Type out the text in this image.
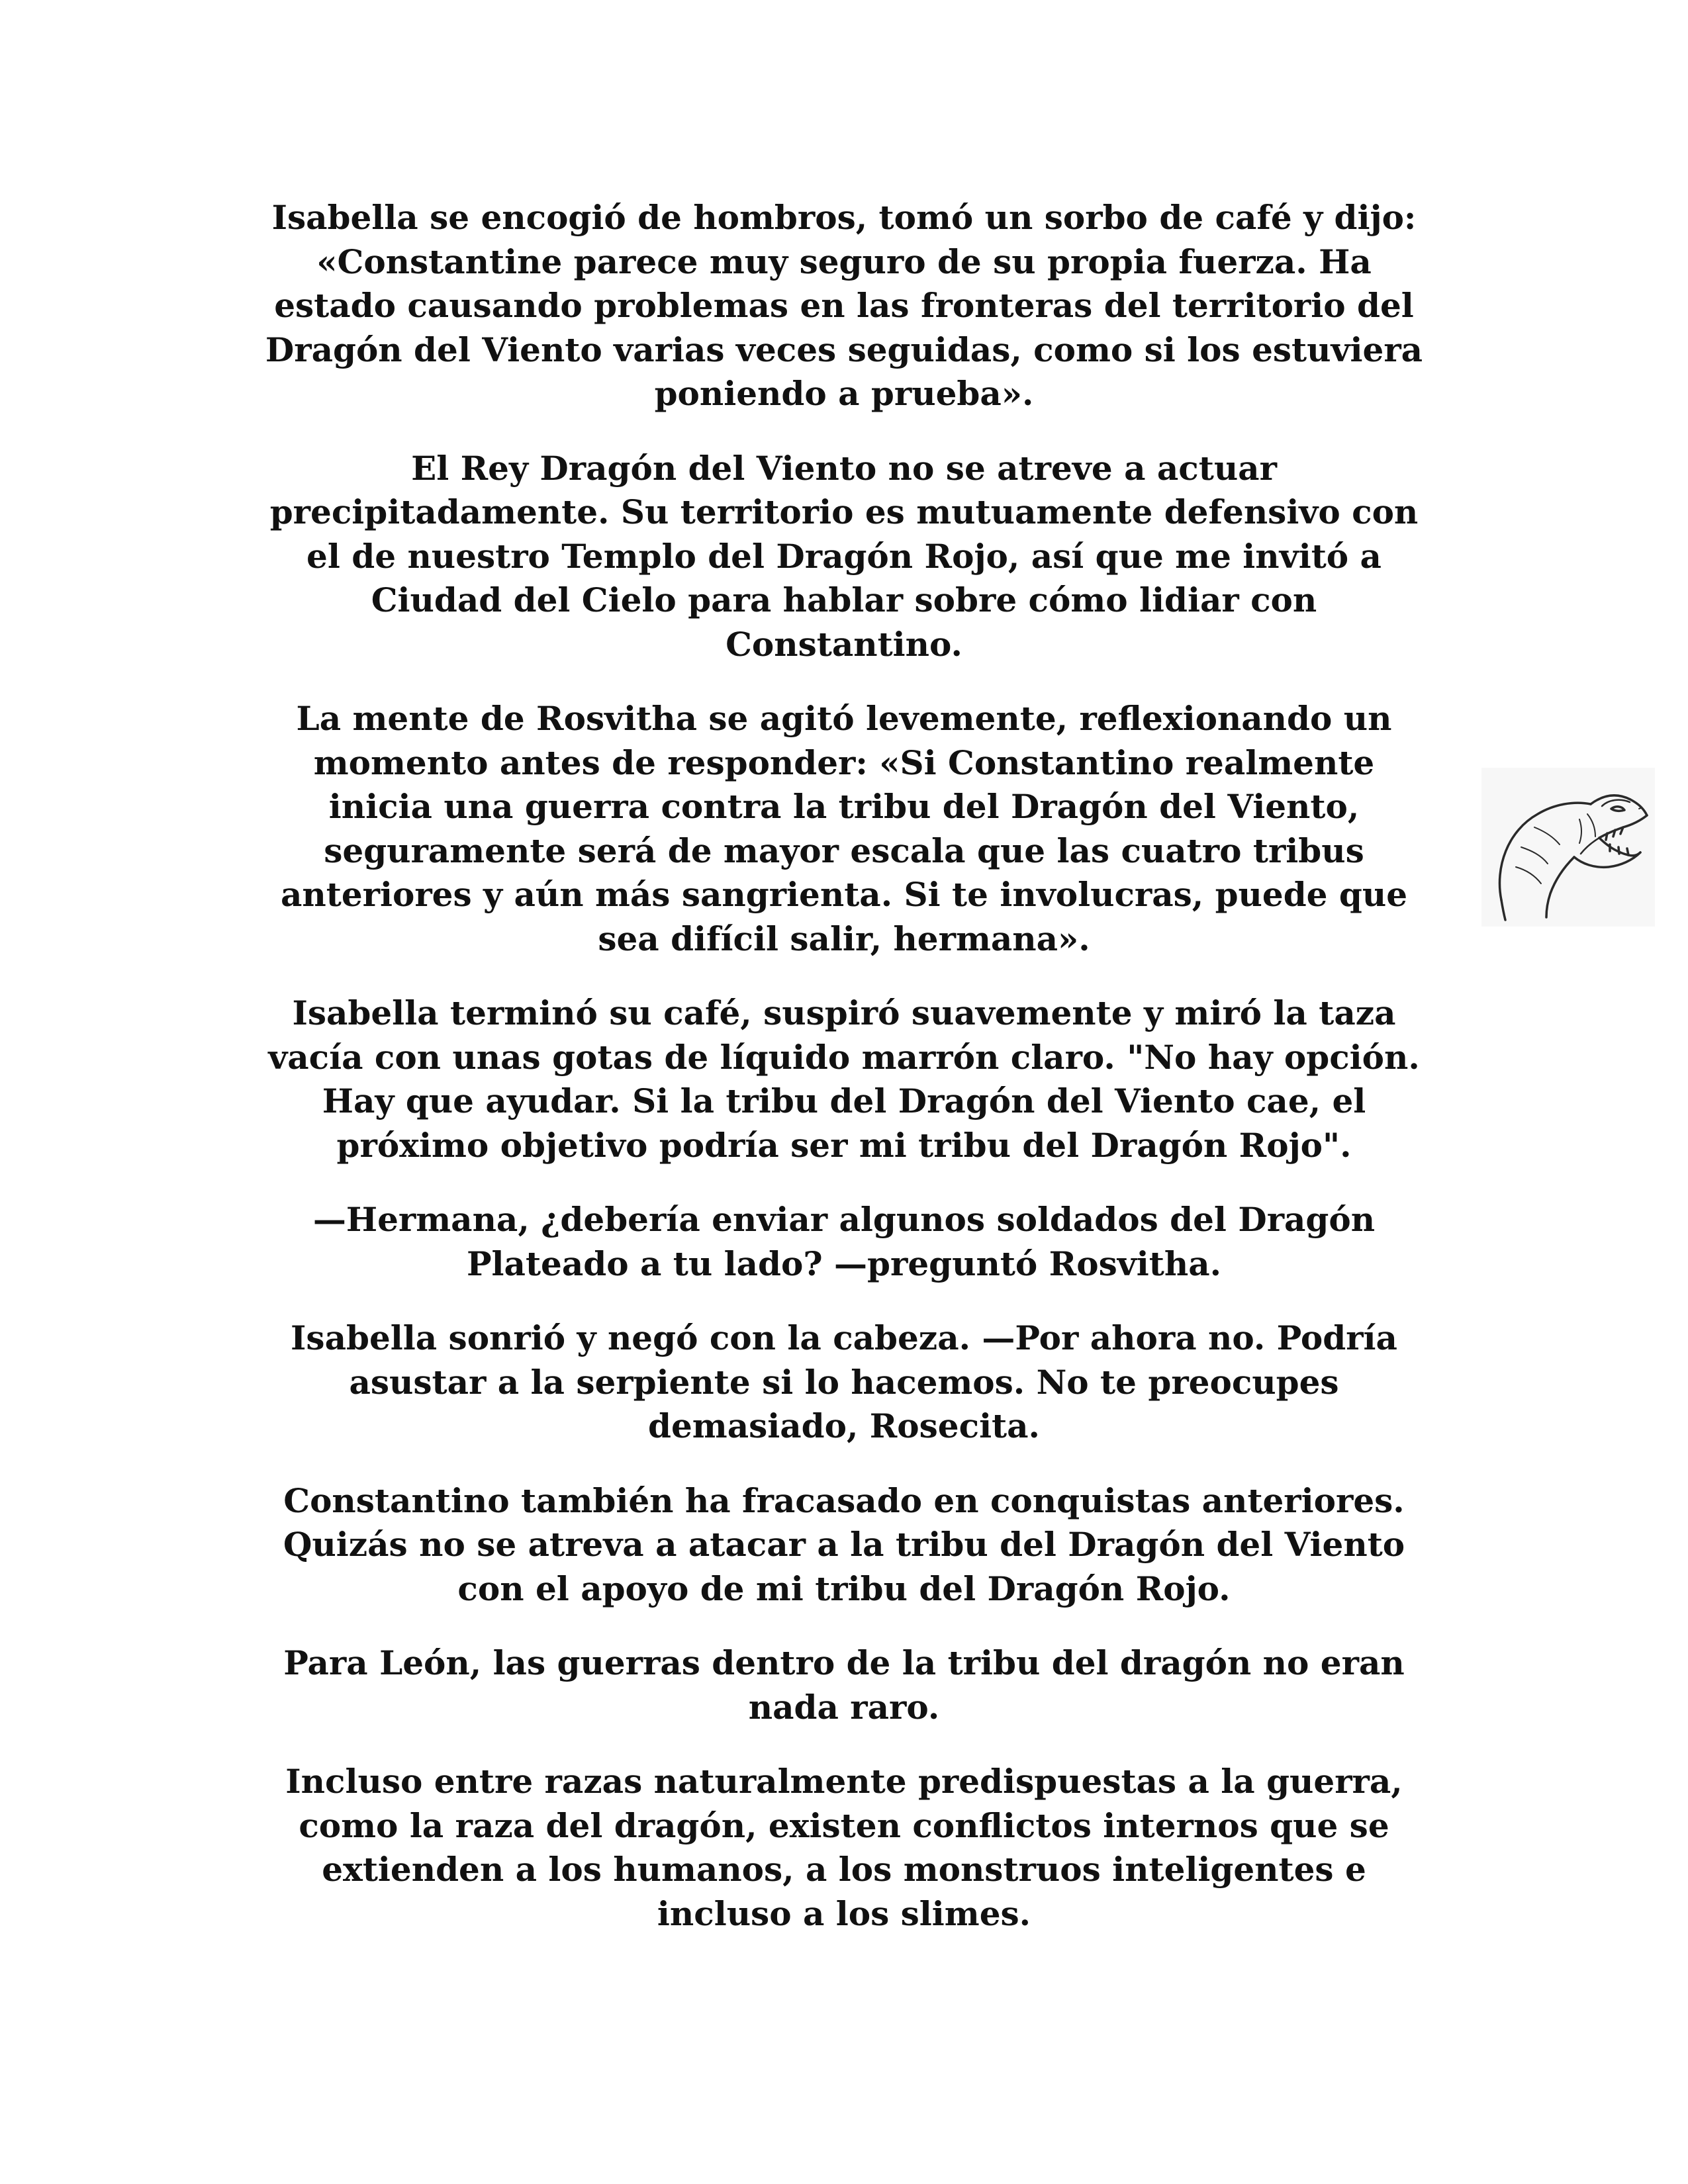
Isabella se encogió de hombros, tomó un sorbo de café y dijo:
«Constantine parece muy seguro de su propia fuerza. Ha
estado causando problemas en las fronteras del territorio del
Dragón del Viento varias veces seguidas, como si los estuviera
poniendo a prueba».

El Rey Dragón del Viento no se atreve a actuar
precipitadamente. Su territorio es mutuamente defensivo con
el de nuestro Templo del Dragón Rojo, así que me invitó a
Ciudad del Cielo para hablar sobre cómo lidiar con
Constantino.

La mente de Rosvitha se agitó levemente, reflexionando un
momento antes de responder: «Si Constantino realmente
inicia una guerra contra la tribu del Dragón del Viento,
seguramente será de mayor escala que las cuatro tribus
anteriores y aún más sangrienta. Si te involucras, puede que
sea difícil salir, hermana».

Isabella terminó su café, suspiró suavemente y miró la taza
vacía con unas gotas de líquido marrón claro. "No hay opción.
Hay que ayudar. Si la tribu del Dragón del Viento cae, el
próximo objetivo podría ser mi tribu del Dragón Rojo".

—Hermana, ¿debería enviar algunos soldados del Dragón
Plateado a tu lado? —preguntó Rosvitha.

Isabella sonrió y negó con la cabeza. —Por ahora no. Podría
asustar a la serpiente si lo hacemos. No te preocupes
demasiado, Rosecita.

Constantino también ha fracasado en conquistas anteriores.
Quizás no se atreva a atacar a la tribu del Dragón del Viento
con el apoyo de mi tribu del Dragón Rojo.

Para León, las guerras dentro de la tribu del dragón no eran
nada raro.

Incluso entre razas naturalmente predispuestas a la guerra,
como la raza del dragón, existen conflictos internos que se
extienden a los humanos, a los monstruos inteligentes e
incluso a los slimes.
